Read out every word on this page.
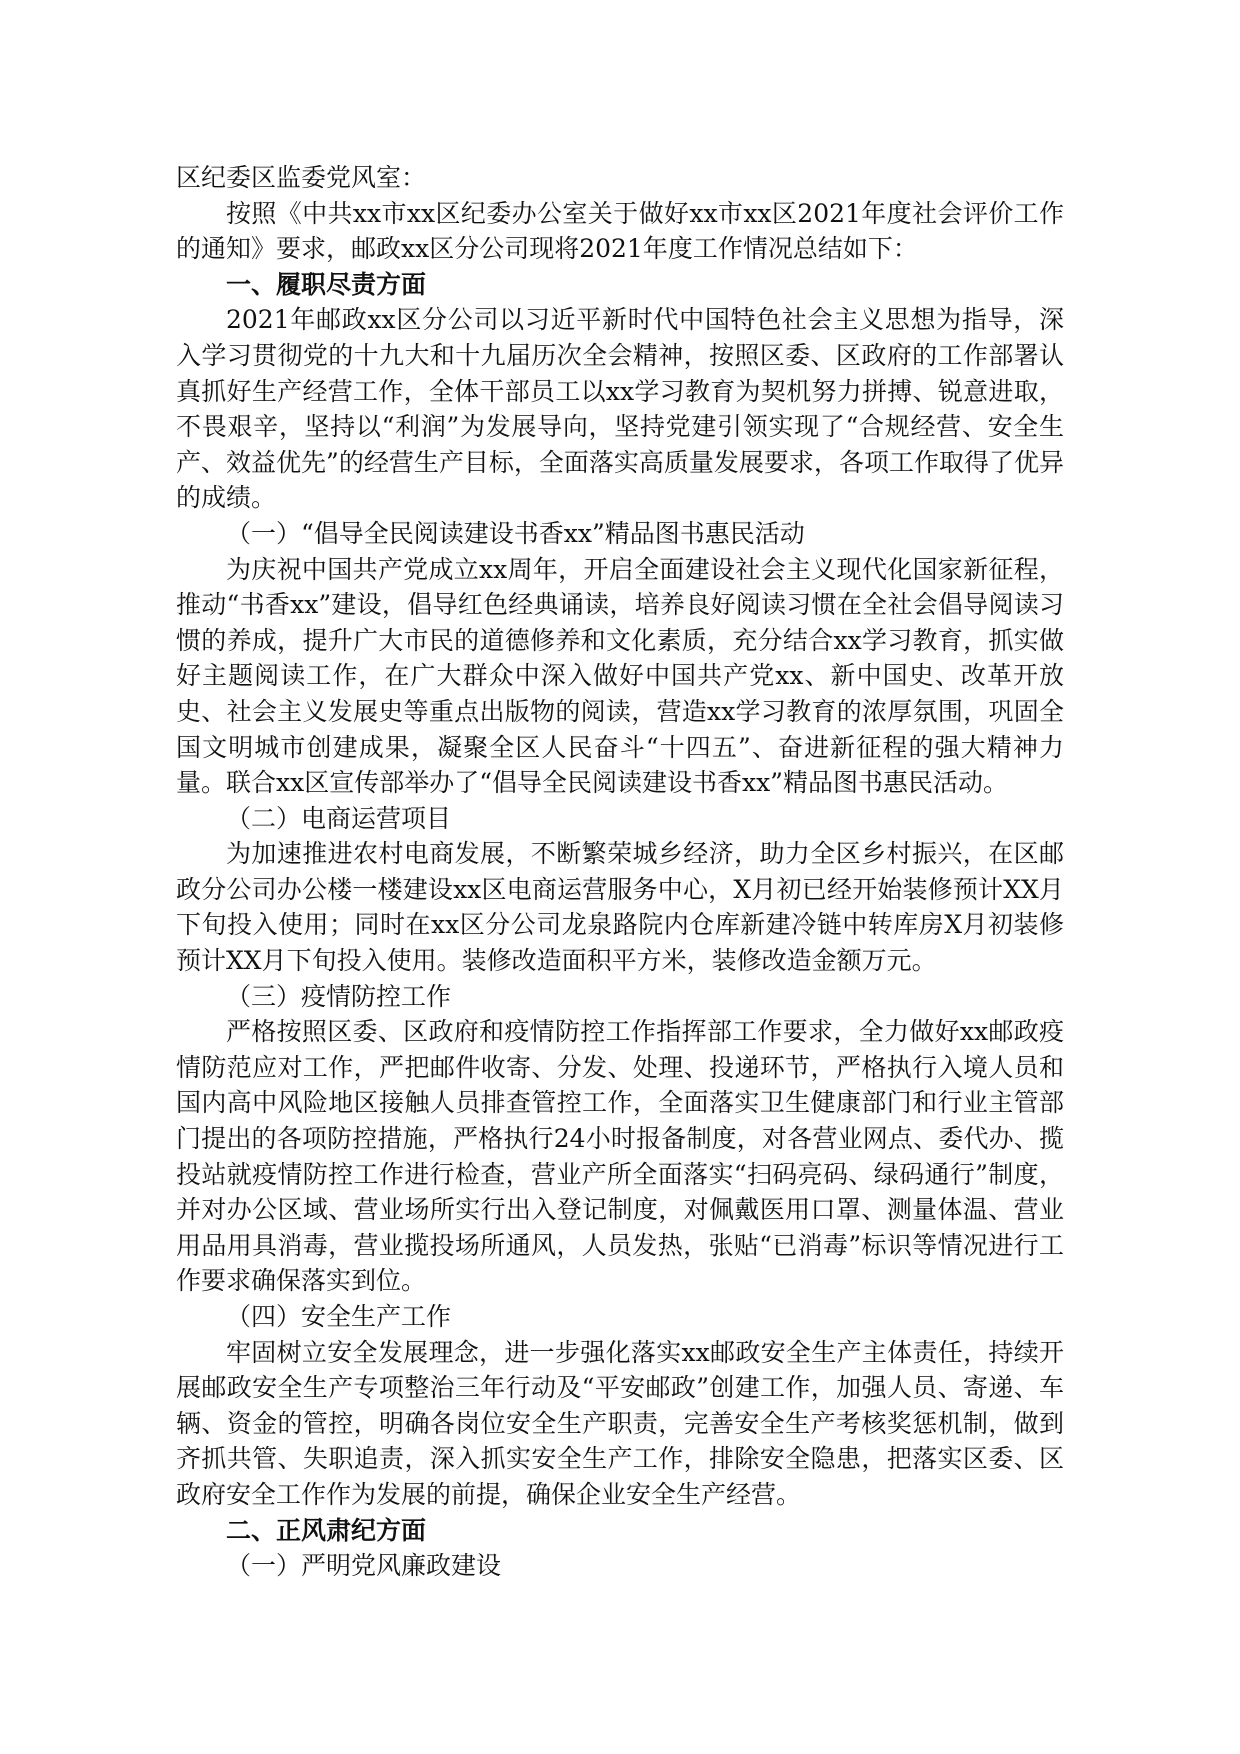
区纪委区监委党风室：

按照《中共xx市xx区纪委办公室关于做好xx市xx区2021年度社会评价工作的通知》要求，邮政xx区分公司现将2021年度工作情况总结如下：

一、履职尽责方面

2021年邮政xx区分公司以习近平新时代中国特色社会主义思想为指导，深入学习贯彻党的十九大和十九届历次全会精神，按照区委、区政府的工作部署认真抓好生产经营工作，全体干部员工以xx学习教育为契机努力拼搏、锐意进取，不畏艰辛，坚持以“利润”为发展导向，坚持党建引领实现了“合规经营、安全生产、效益优先”的经营生产目标，全面落实高质量发展要求，各项工作取得了优异的成绩。

（一）“倡导全民阅读建设书香xx”精品图书惠民活动

为庆祝中国共产党成立xx周年，开启全面建设社会主义现代化国家新征程，推动“书香xx”建设，倡导红色经典诵读，培养良好阅读习惯在全社会倡导阅读习惯的养成，提升广大市民的道德修养和文化素质，充分结合xx学习教育，抓实做好主题阅读工作，在广大群众中深入做好中国共产党xx、新中国史、改革开放史、社会主义发展史等重点出版物的阅读，营造xx学习教育的浓厚氛围，巩固全国文明城市创建成果，凝聚全区人民奋斗“十四五”、奋进新征程的强大精神力量。联合xx区宣传部举办了“倡导全民阅读建设书香xx”精品图书惠民活动。

（二）电商运营项目

为加速推进农村电商发展，不断繁荣城乡经济，助力全区乡村振兴，在区邮政分公司办公楼一楼建设xx区电商运营服务中心，X月初已经开始装修预计XX月下旬投入使用；同时在xx区分公司龙泉路院内仓库新建冷链中转库房X月初装修预计XX月下旬投入使用。装修改造面积平方米，装修改造金额万元。

（三）疫情防控工作

严格按照区委、区政府和疫情防控工作指挥部工作要求，全力做好xx邮政疫情防范应对工作，严把邮件收寄、分发、处理、投递环节，严格执行入境人员和国内高中风险地区接触人员排查管控工作，全面落实卫生健康部门和行业主管部门提出的各项防控措施，严格执行24小时报备制度，对各营业网点、委代办、揽投站就疫情防控工作进行检查，营业产所全面落实“扫码亮码、绿码通行”制度，并对办公区域、营业场所实行出入登记制度，对佩戴医用口罩、测量体温、营业用品用具消毒，营业揽投场所通风，人员发热，张贴“已消毒”标识等情况进行工作要求确保落实到位。

（四）安全生产工作

牢固树立安全发展理念，进一步强化落实xx邮政安全生产主体责任，持续开展邮政安全生产专项整治三年行动及“平安邮政”创建工作，加强人员、寄递、车辆、资金的管控，明确各岗位安全生产职责，完善安全生产考核奖惩机制，做到齐抓共管、失职追责，深入抓实安全生产工作，排除安全隐患，把落实区委、区政府安全工作作为发展的前提，确保企业安全生产经营。

二、正风肃纪方面

（一）严明党风廉政建设
